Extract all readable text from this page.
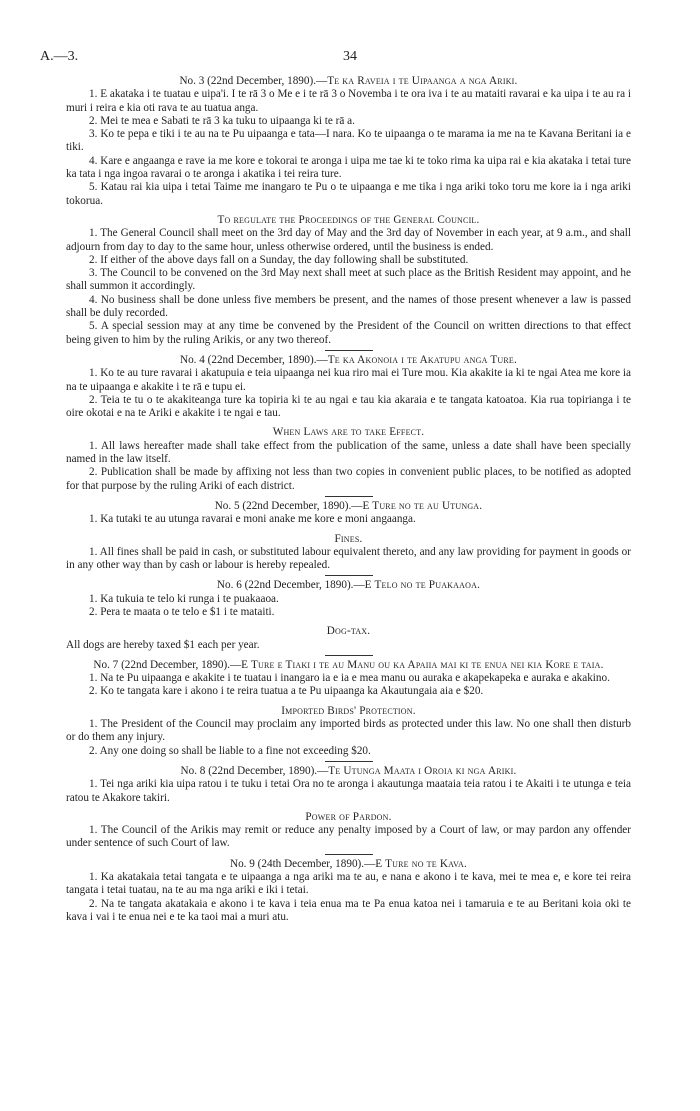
A.—3.	34
No. 3 (22nd December, 1890).—Te ka Raveia i te Uipaanga a nga Ariki.

1. E akataka i te tuatau e uipa'i. I te rā 3 o Me e i te rā 3 o Novemba i te ora iva i te au mataiti ravarai e ka uipa i te au ra i muri i reira e kia oti rava te au tuatua anga.

2. Mei te mea e Sabati te rā 3 ka tuku to uipaanga ki te rā a.

3. Ko te pepa e tiki i te au na te Pu uipaanga e tata—I nara. Ko te uipaanga o te marama ia me na te Kavana Beritani ia e tiki.

4. Kare e angaanga e rave ia me kore e tokorai te aronga i uipa me tae ki te toko rima ka uipa rai e kia akataka i tetai ture ka tata i nga ingoa ravarai o te aronga i akatika i tei reira ture.

5. Katau rai kia uipa i tetai Taime me inangaro te Pu o te uipaanga e me tika i nga ariki toko toru me kore ia i nga ariki tokorua.

To regulate the Proceedings of the General Council.

1. The General Council shall meet on the 3rd day of May and the 3rd day of November in each year, at 9 a.m., and shall adjourn from day to day to the same hour, unless otherwise ordered, until the business is ended.

2. If either of the above days fall on a Sunday, the day following shall be substituted.

3. The Council to be convened on the 3rd May next shall meet at such place as the British Resident may appoint, and he shall summon it accordingly.

4. No business shall be done unless five members be present, and the names of those present whenever a law is passed shall be duly recorded.

5. A special session may at any time be convened by the President of the Council on written directions to that effect being given to him by the ruling Arikis, or any two thereof.

No. 4 (22nd December, 1890).—Te ka Akonoia i te Akatupu anga Ture.

1. Ko te au ture ravarai i akatupuia e teia uipaanga nei kua riro mai ei Ture mou. Kia akakite ia ki te ngai Atea me kore ia na te uipaanga e akakite i te rā e tupu ei.

2. Teia te tu o te akakiteanga ture ka topiria ki te au ngai e tau kia akaraia e te tangata katoatoa. Kia rua topirianga i te oire okotai e na te Ariki e akakite i te ngai e tau.

When Laws are to take Effect.

1. All laws hereafter made shall take effect from the publication of the same, unless a date shall have been specially named in the law itself.

2. Publication shall be made by affixing not less than two copies in convenient public places, to be notified as adopted for that purpose by the ruling Ariki of each district.

No. 5 (22nd December, 1890).—E Ture no te au Utunga.

1. Ka tutaki te au utunga ravarai e moni anake me kore e moni angaanga.

Fines.

1. All fines shall be paid in cash, or substituted labour equivalent thereto, and any law providing for payment in goods or in any other way than by cash or labour is hereby repealed.

No. 6 (22nd December, 1890).—E Telo no te Puakaaoa.

1. Ka tukuia te telo ki runga i te puakaaoa.

2. Pera te maata o te telo e $1 i te mataiti.

Dog-tax.

All dogs are hereby taxed $1 each per year.

No. 7 (22nd December, 1890).—E Ture e Tiaki i te au Manu ou ka Apaiia mai ki te enua nei kia Kore e taia.

1. Na te Pu uipaanga e akakite i te tuatau i inangaro ia e ia e mea manu ou auraka e akapekapeka e auraka e akakino.

2. Ko te tangata kare i akono i te reira tuatua a te Pu uipaanga ka Akautungaia aia e $20.

Imported Birds' Protection.

1. The President of the Council may proclaim any imported birds as protected under this law. No one shall then disturb or do them any injury.

2. Any one doing so shall be liable to a fine not exceeding $20.

No. 8 (22nd December, 1890).—Te Utunga Maata i Oroia ki nga Ariki.

1. Tei nga ariki kia uipa ratou i te tuku i tetai Ora no te aronga i akautunga maataia teia ratou i te Akaiti i te utunga e teia ratou te Akakore takiri.

Power of Pardon.

1. The Council of the Arikis may remit or reduce any penalty imposed by a Court of law, or may pardon any offender under sentence of such Court of law.

No. 9 (24th December, 1890).—E Ture no te Kava.

1. Ka akatakaia tetai tangata e te uipaanga a nga ariki ma te au, e nana e akono i te kava, mei te mea e, e kore tei reira tangata i tetai tuatau, na te au ma nga ariki e iki i tetai.

2. Na te tangata akatakaia e akono i te kava i teia enua ma te Pa enua katoa nei i tamaruia e te au Beritani koia oki te kava i vai i te enua nei e te ka taoi mai a muri atu.
